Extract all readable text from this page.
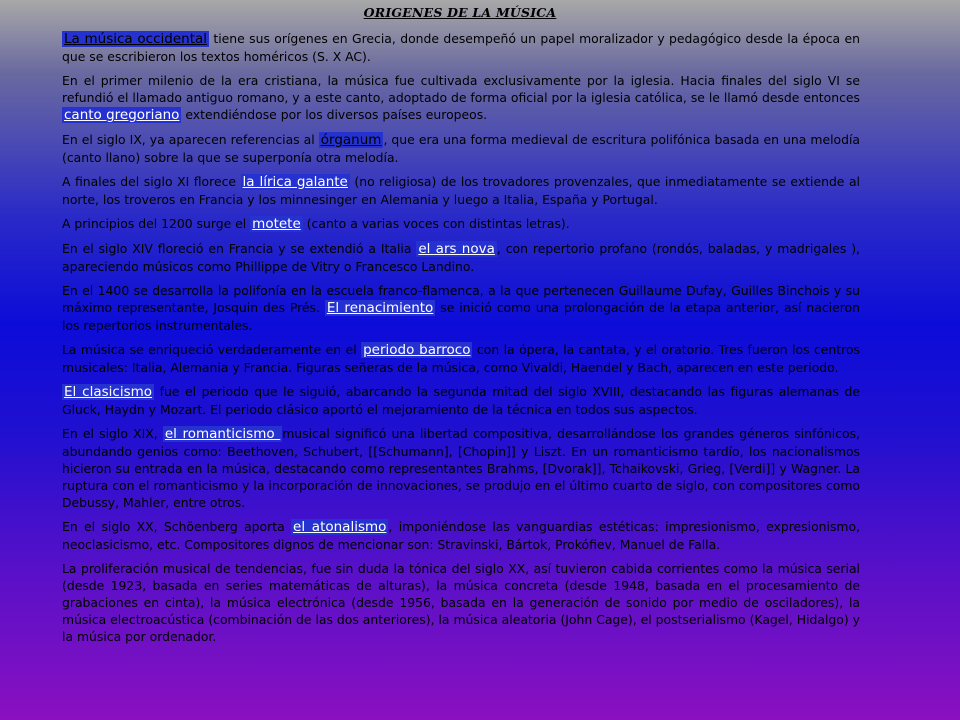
ORIGENES DE LA MÚSICA

La música occidental tiene sus orígenes en Grecia, donde desempeñó un papel moralizador y pedagógico desde la época en que se escribieron los textos homéricos (S. X AC).

En el primer milenio de la era cristiana, la música fue cultivada exclusivamente por la iglesia. Hacia finales del siglo VI se refundió el llamado antiguo romano, y a este canto, adoptado de forma oficial por la iglesia católica, se le llamó desde entonces canto gregoriano extendiéndose por los diversos países europeos.

En el siglo IX, ya aparecen referencias al órganum , que era una forma medieval de escritura polifónica basada en una melodía (canto llano) sobre la que se superponía otra melodía.

A finales del siglo XI florece la lírica galante (no religiosa) de los trovadores provenzales, que inmediatamente se extiende al norte, los troveros en Francia y los minnesinger en Alemania y luego a Italia, España y Portugal.

A principios del 1200 surge el motete (canto a varias voces con distintas letras).

En el siglo XIV floreció en Francia y se extendió a Italia el ars nova , con repertorio profano (rondós, baladas, y madrigales ), apareciendo músicos como Phillippe de Vitry o Francesco Landino.

En el 1400 se desarrolla la polifonía en la escuela franco-flamenca, a la que pertenecen Guillaume Dufay, Guilles Binchois y su máximo representante, Josquin des Prés. El renacimiento se inició como una prolongación de la etapa anterior, así nacieron los repertorios instrumentales.

La música se enriqueció verdaderamente en el periodo barroco con la ópera, la cantata, y el oratorio. Tres fueron los centros musicales: Italia, Alemania y Francia. Figuras señeras de la música, como Vivaldi, Haendel y Bach, aparecen en este periodo.

El clasicismo fue el periodo que le siguió, abarcando la segunda mitad del siglo XVIII, destacando las figuras alemanas de Gluck, Haydn y Mozart. El periodo clásico aportó el mejoramiento de la técnica en todos sus aspectos.

En el siglo XIX, el romanticismo musical significó una libertad compositiva, desarrollándose los grandes géneros sinfónicos, abundando genios como: Beethoven, Schubert, [[Schumann], [Chopin]] y Liszt. En un romanticismo tardío, los nacionalismos hicieron su entrada en la música, destacando como representantes Brahms, [Dvorak]], Tchaikovski, Grieg, [Verdi]] y Wagner. La ruptura con el romanticismo y la incorporación de innovaciones, se produjo en el último cuarto de siglo, con compositores como Debussy, Mahler, entre otros.

En el siglo XX, Schöenberg aporta el atonalismo , imponiéndose las vanguardias estéticas: impresionismo, expresionismo, neoclasicismo, etc. Compositores dignos de mencionar son: Stravinski, Bártok, Prokófiev, Manuel de Falla.

La proliferación musical de tendencias, fue sin duda la tónica del siglo XX, así tuvieron cabida corrientes como la música serial (desde 1923, basada en series matemáticas de alturas), la música concreta (desde 1948, basada en el procesamiento de grabaciones en cinta), la música electrónica (desde 1956, basada en la generación de sonido por medio de osciladores), la música electroacústica (combinación de las dos anteriores), la música aleatoria (John Cage), el postserialismo (Kagel, Hidalgo) y la música por ordenador.
